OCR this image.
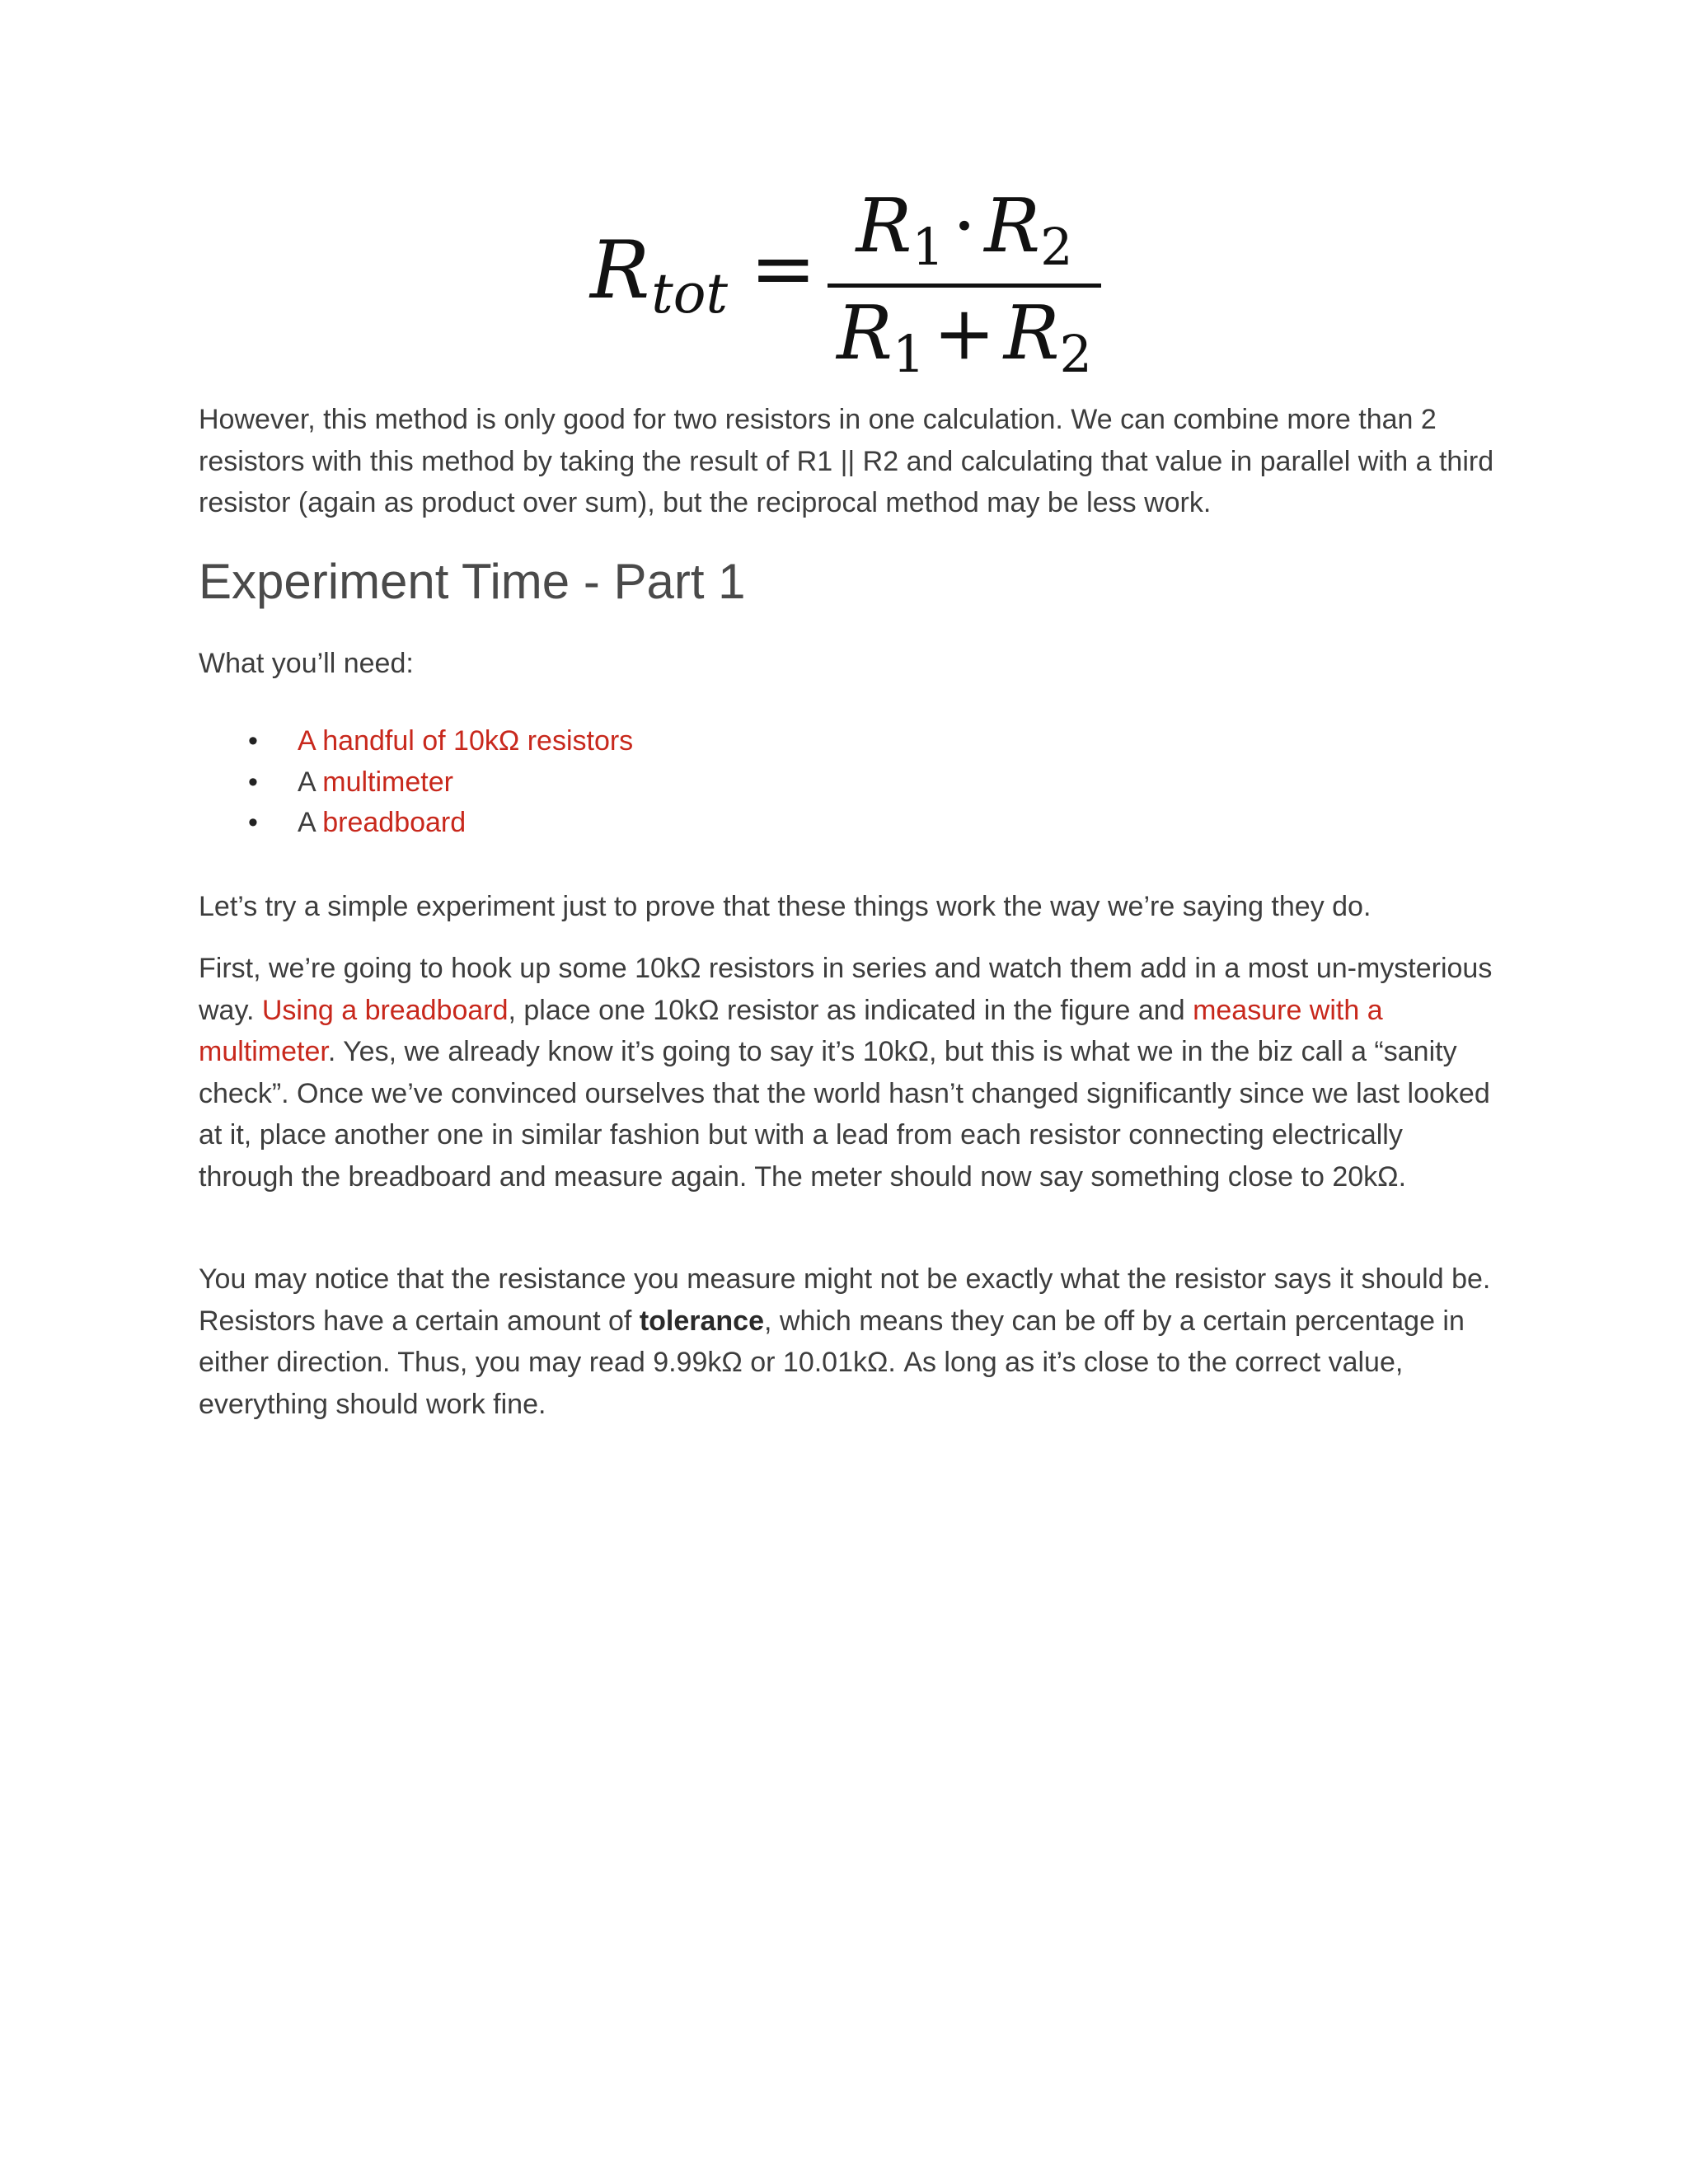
Rtot = R1 · R2
R1 + R2

However, this method is only good for two resistors in one calculation. We can combine more than 2 resistors with this method by taking the result of R1 || R2 and calculating that value in parallel with a third resistor (again as product over sum), but the reciprocal method may be less work.

Experiment Time - Part 1

What you’ll need:

• A handful of 10kΩ resistors
• A multimeter
• A breadboard

Let’s try a simple experiment just to prove that these things work the way we’re saying they do.

First, we’re going to hook up some 10kΩ resistors in series and watch them add in a most un-mysterious way. Using a breadboard, place one 10kΩ resistor as indicated in the figure and measure with a multimeter. Yes, we already know it’s going to say it’s 10kΩ, but this is what we in the biz call a “sanity check”. Once we’ve convinced ourselves that the world hasn’t changed significantly since we last looked at it, place another one in similar fashion but with a lead from each resistor connecting electrically through the breadboard and measure again. The meter should now say something close to 20kΩ.

You may notice that the resistance you measure might not be exactly what the resistor says it should be. Resistors have a certain amount of tolerance, which means they can be off by a certain percentage in either direction. Thus, you may read 9.99kΩ or 10.01kΩ. As long as it’s close to the correct value, everything should work fine.
